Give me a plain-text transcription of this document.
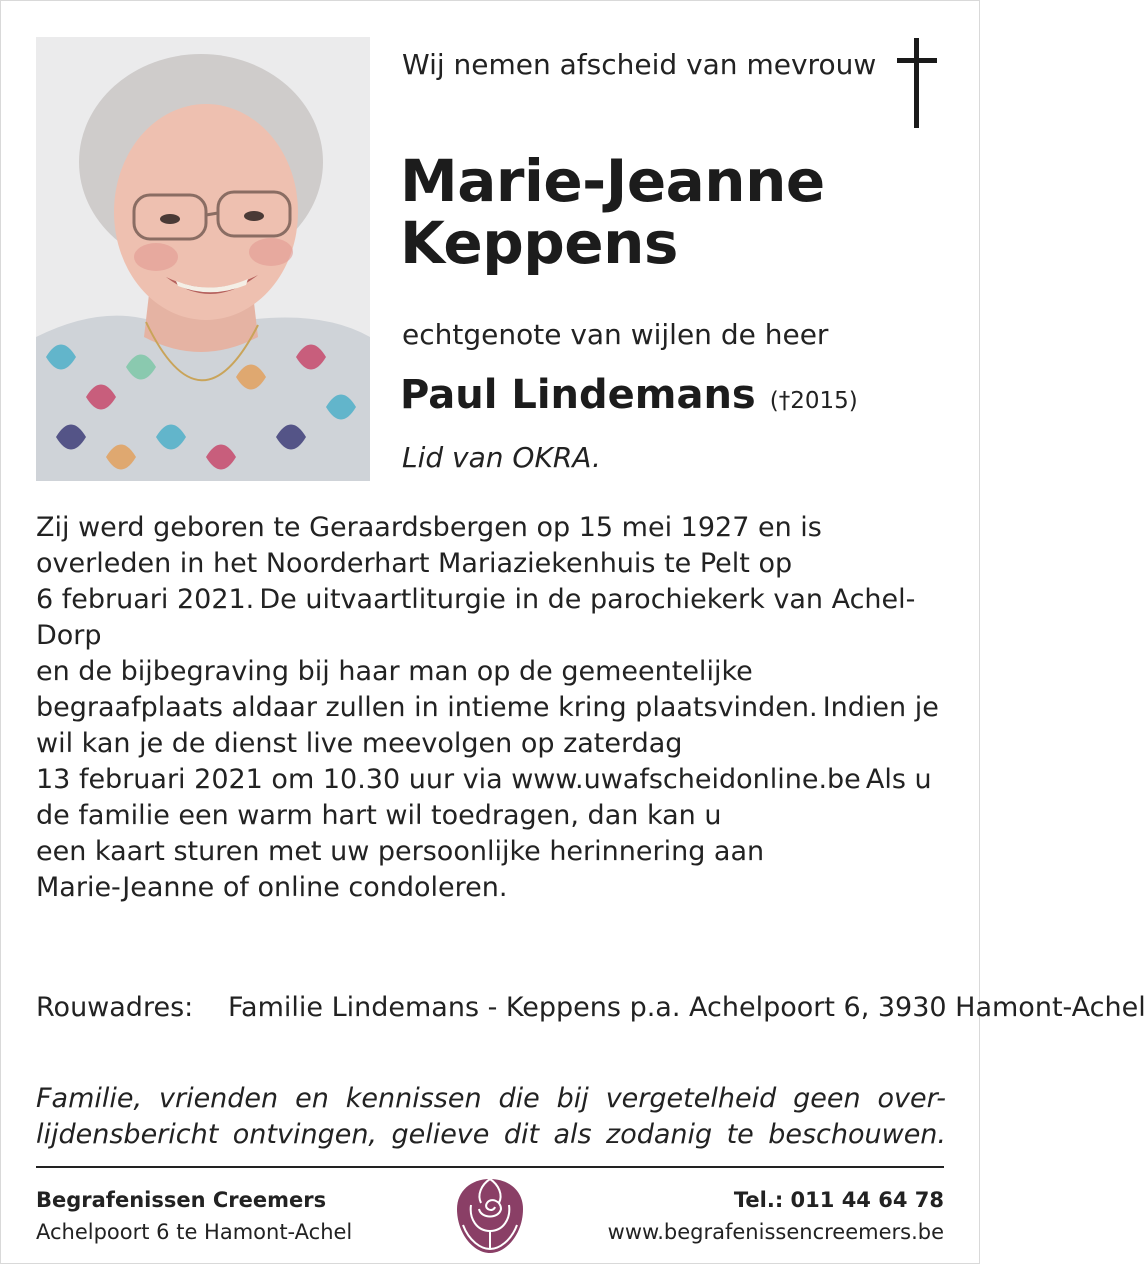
Wij nemen afscheid van mevrouw
Marie-Jeanne
Keppens
echtgenote van wijlen de heer
Paul Lindemans (†2015)
Lid van OKRA.

Zij werd geboren te Geraardsbergen op 15 mei 1927 en is
overleden in het Noorderhart Mariaziekenhuis te Pelt op
6 februari 2021.

De uitvaartliturgie in de parochiekerk van Achel-Dorp
en de bijbegraving bij haar man op de gemeentelijke
begraafplaats aldaar zullen in intieme kring plaatsvinden.

Indien je wil kan je de dienst live meevolgen op zaterdag
13 februari 2021 om 10.30 uur via www.uwafscheidonline.be

Als u de familie een warm hart wil toedragen, dan kan u
een kaart sturen met uw persoonlijke herinnering aan
Marie-Jeanne of online condoleren.

Rouwadres: Familie Lindemans - Keppens p.a. Achelpoort 6, 3930 Hamont-Achel
Familie, vrienden en kennissen die bij vergetelheid geen over-lijdensbericht ontvingen, gelieve dit als zodanig te beschouwen.
Begrafenissen Creemers
Achelpoort 6 te Hamont-Achel
Tel.: 011 44 64 78
www.begrafenissencreemers.be
